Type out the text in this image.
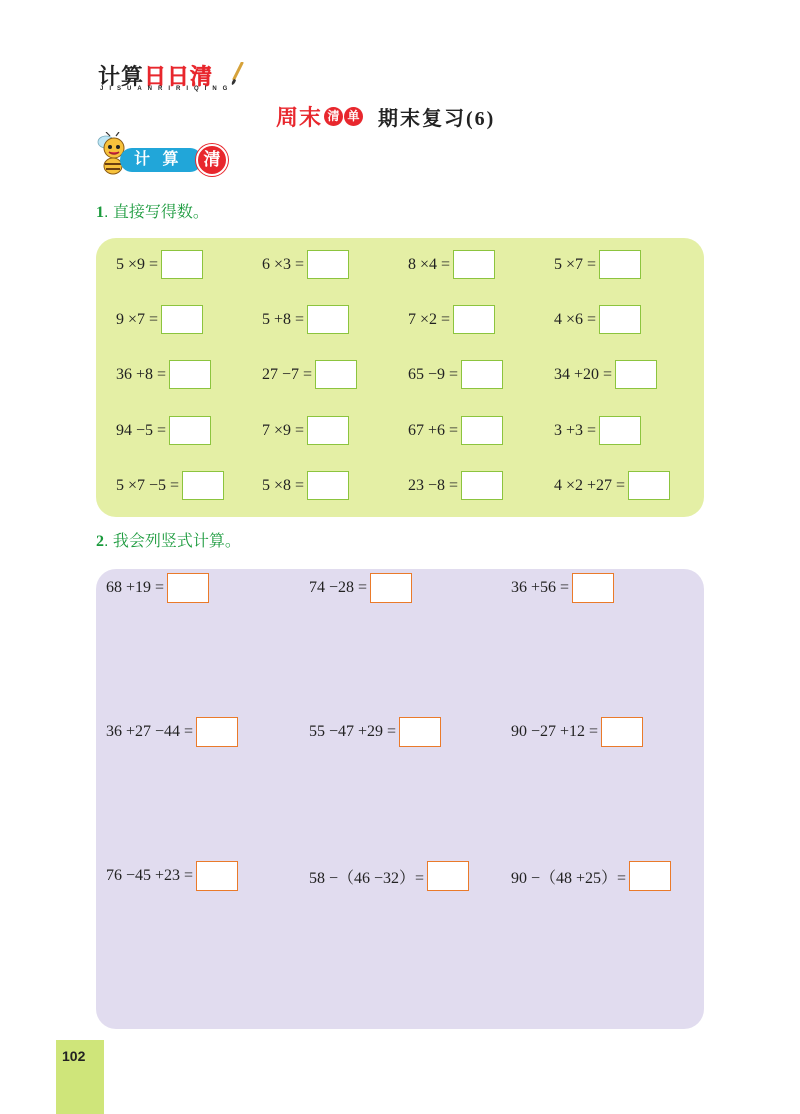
计算日日清
JISUANRIRIQING
周末 清 单 期末复习(6)
计 算	清
1. 直接写得数。
5 ×9 =	6 ×3 =	8 ×4 =	5 ×7 =
9 ×7 =	5 +8 =	7 ×2 =	4 ×6 =
36 +8 =	27 −7 =	65 −9 =	34 +20 =
94 −5 =	7 ×9 =	67 +6 =	3 +3 =
5 ×7 −5 =	5 ×8 =	23 −8 =	4 ×2 +27 =
2. 我会列竖式计算。
68 +19 =	74 −28 =	36 +56 =
36 +27 −44 =	55 −47 +29 =	90 −27 +12 =
76 −45 +23 =	58 −（46 −32）=	90 −（48 +25）=
102
